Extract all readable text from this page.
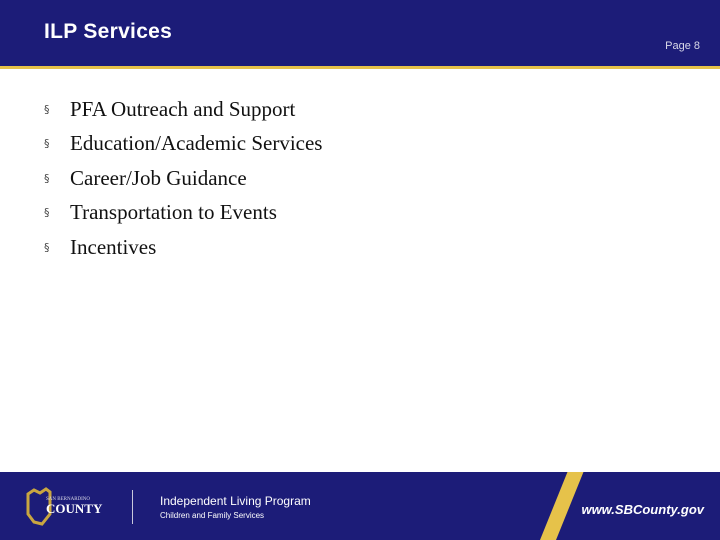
ILP Services
Page 8
§ PFA Outreach and Support
§ Education/Academic Services
§ Career/Job Guidance
§ Transportation to Events
§ Incentives
SAN BERNARDINO
COUNTY	Independent Living Program
Children and Family Services	www.SBCounty.gov
